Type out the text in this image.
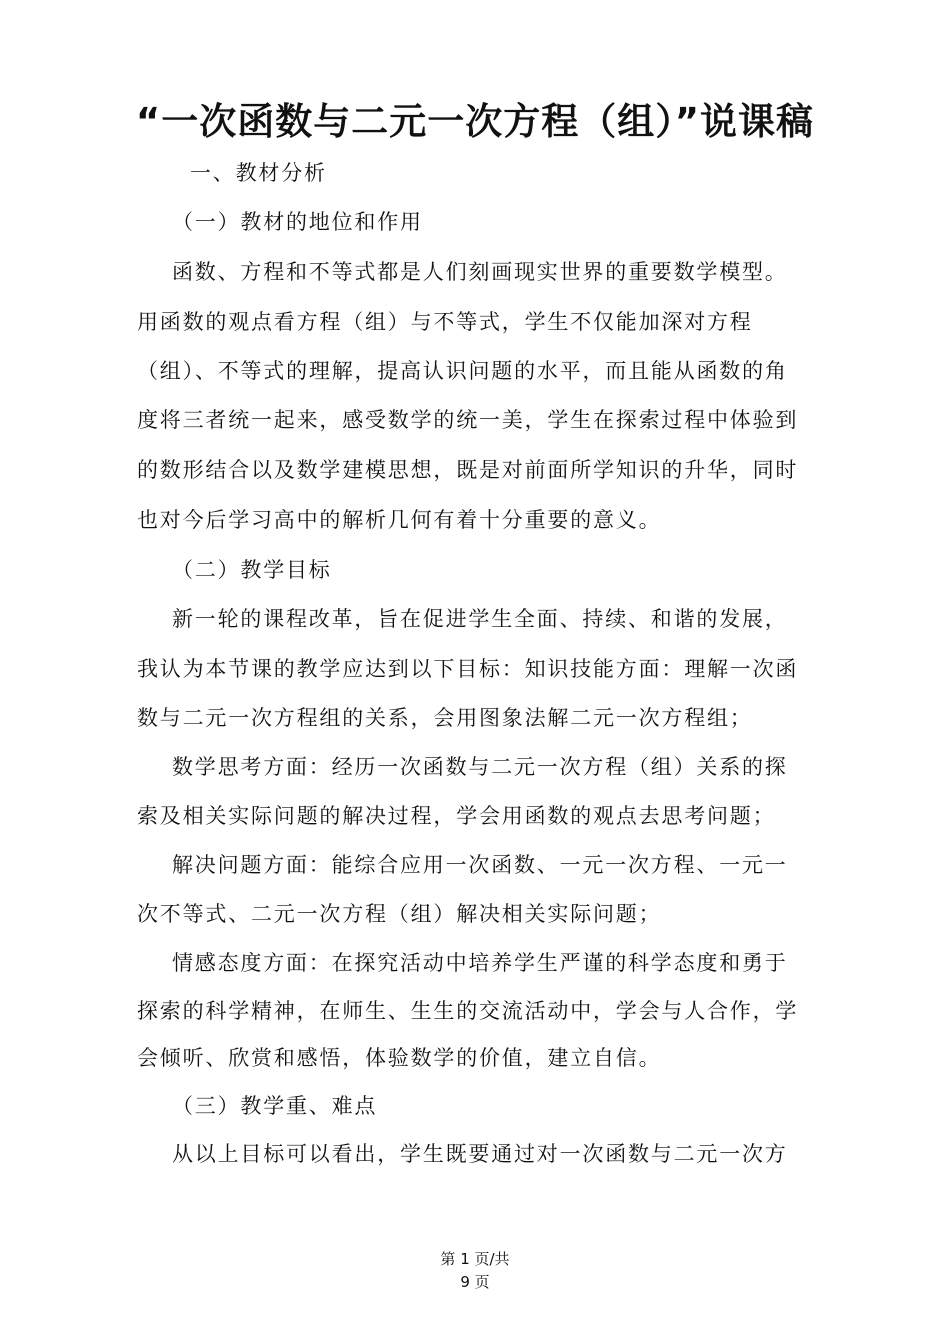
“一次函数与二元一次方程（组）”说课稿
一、教材分析
（一）教材的地位和作用
函数、方程和不等式都是人们刻画现实世界的重要数学模型。
用函数的观点看方程（组）与不等式，学生不仅能加深对方程
（组）、不等式的理解，提高认识问题的水平，而且能从函数的角
度将三者统一起来，感受数学的统一美，学生在探索过程中体验到
的数形结合以及数学建模思想，既是对前面所学知识的升华，同时
也对今后学习高中的解析几何有着十分重要的意义。
（二）教学目标
新一轮的课程改革，旨在促进学生全面、持续、和谐的发展，
我认为本节课的教学应达到以下目标：知识技能方面：理解一次函
数与二元一次方程组的关系，会用图象法解二元一次方程组；
数学思考方面：经历一次函数与二元一次方程（组）关系的探
索及相关实际问题的解决过程，学会用函数的观点去思考问题；
解决问题方面：能综合应用一次函数、一元一次方程、一元一
次不等式、二元一次方程（组）解决相关实际问题；
情感态度方面：在探究活动中培养学生严谨的科学态度和勇于
探索的科学精神，在师生、生生的交流活动中，学会与人合作，学
会倾听、欣赏和感悟，体验数学的价值，建立自信。
（三）教学重、难点
从以上目标可以看出，学生既要通过对一次函数与二元一次方
第 1 页/共
9 页
